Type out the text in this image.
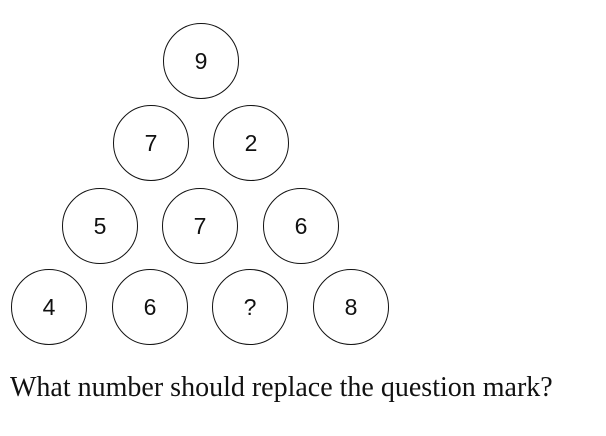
9
7	2
5	7	6
4	6	?	8
What number should replace the question mark?
